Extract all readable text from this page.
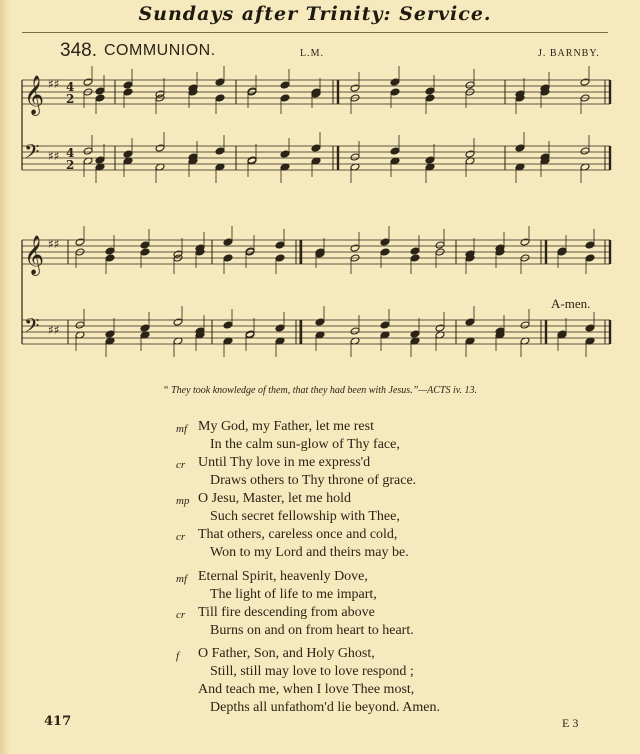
Sundays after Trinity: Service.
348. COMMUNION.	L.M.	J. BARNBY.
𝄞 ♯♯ 4
2
𝄢 ♯♯ 4
2
𝄞 ♯♯
𝄢 ♯♯
A-men.
“ They took knowledge of them, that they had been with Jesus.”—ACTS iv. 13.
mf My God, my Father, let me rest
In the calm sun-glow of Thy face,
cr Until Thy love in me express'd
Draws others to Thy throne of grace.
mp O Jesu, Master, let me hold
Such secret fellowship with Thee,
cr That others, careless once and cold,
Won to my Lord and theirs may be.
mf Eternal Spirit, heavenly Dove,
The light of life to me impart,
cr Till fire descending from above
Burns on and on from heart to heart.
f O Father, Son, and Holy Ghost,
Still, still may love to love respond ;
And teach me, when I love Thee most,
Depths all unfathom'd lie beyond. Amen.
417	E 3
